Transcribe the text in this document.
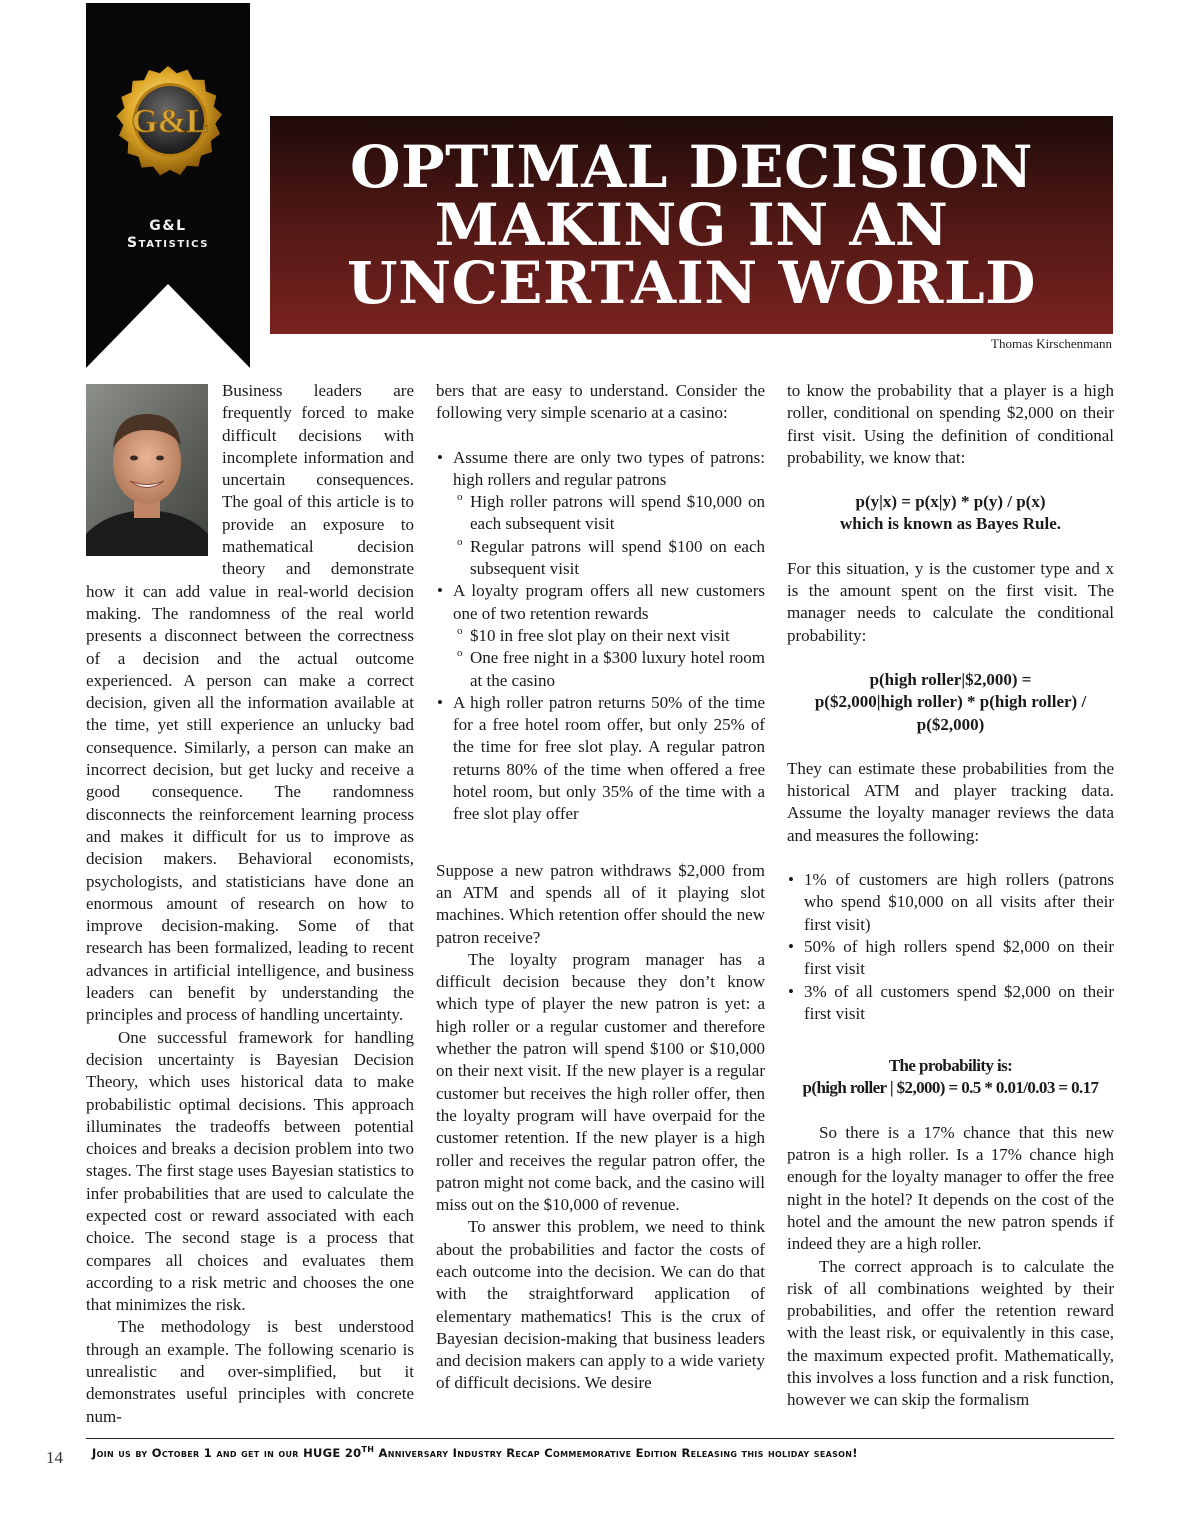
G&L
G&L
Statistics
OPTIMAL DECISION MAKING IN AN UNCERTAIN WORLD
Thomas Kirschenmann

Business leaders are frequently forced to make difficult decisions with incomplete information and uncertain consequences. The goal of this article is to provide an exposure to mathematical decision theory and demonstrate how it can add value in real-world decision making. The randomness of the real world presents a disconnect between the correctness of a decision and the actual outcome experienced. A person can make a correct decision, given all the information available at the time, yet still experience an unlucky bad consequence. Similarly, a person can make an incorrect decision, but get lucky and receive a good consequence. The randomness disconnects the reinforcement learning process and makes it difficult for us to improve as decision makers. Behavioral economists, psychologists, and statisticians have done an enormous amount of research on how to improve decision-making. Some of that research has been formalized, leading to recent advances in artificial intelligence, and business leaders can benefit by understanding the principles and process of handling uncertainty.

One successful framework for handling decision uncertainty is Bayesian Decision Theory, which uses historical data to make probabilistic optimal decisions. This approach illuminates the tradeoffs between potential choices and breaks a decision problem into two stages. The first stage uses Bayesian statistics to infer probabilities that are used to calculate the expected cost or reward associated with each choice. The second stage is a process that compares all choices and evaluates them according to a risk metric and chooses the one that minimizes the risk.

The methodology is best understood through an example. The following scenario is unrealistic and over-simplified, but it demonstrates useful principles with concrete num-

bers that are easy to understand. Consider the following very simple scenario at a casino:

• Assume there are only two types of patrons: high rollers and regular patrons
o High roller patrons will spend $10,000 on each subsequent visit
o Regular patrons will spend $100 on each subsequent visit
• A loyalty program offers all new customers one of two retention rewards
o $10 in free slot play on their next visit
o One free night in a $300 luxury hotel room at the casino
• A high roller patron returns 50% of the time for a free hotel room offer, but only 25% of the time for free slot play. A regular patron returns 80% of the time when offered a free hotel room, but only 35% of the time with a free slot play offer

Suppose a new patron withdraws $2,000 from an ATM and spends all of it playing slot machines. Which retention offer should the new patron receive?

The loyalty program manager has a difficult decision because they don’t know which type of player the new patron is yet: a high roller or a regular customer and therefore whether the patron will spend $100 or $10,000 on their next visit. If the new player is a regular customer but receives the high roller offer, then the loyalty program will have overpaid for the customer retention. If the new player is a high roller and receives the regular patron offer, the patron might not come back, and the casino will miss out on the $10,000 of revenue.

To answer this problem, we need to think about the probabilities and factor the costs of each outcome into the decision. We can do that with the straightforward application of elementary mathematics! This is the crux of Bayesian decision-making that business leaders and decision makers can apply to a wide variety of difficult decisions. We desire

to know the probability that a player is a high roller, conditional on spending $2,000 on their first visit. Using the definition of conditional probability, we know that:

p(y|x) = p(x|y) * p(y) / p(x)
which is known as Bayes Rule.

For this situation, y is the customer type and x is the amount spent on the first visit. The manager needs to calculate the conditional probability:

p(high roller|$2,000) =
p($2,000|high roller) * p(high roller) /
p($2,000)

They can estimate these probabilities from the historical ATM and player tracking data. Assume the loyalty manager reviews the data and measures the following:

• 1% of customers are high rollers (patrons who spend $10,000 on all visits after their first visit)
• 50% of high rollers spend $2,000 on their first visit
• 3% of all customers spend $2,000 on their first visit
The probability is:
p(high roller | $2,000) = 0.5 * 0.01/0.03 = 0.17

So there is a 17% chance that this new patron is a high roller. Is a 17% chance high enough for the loyalty manager to offer the free night in the hotel? It depends on the cost of the hotel and the amount the new patron spends if indeed they are a high roller.

The correct approach is to calculate the risk of all combinations weighted by their probabilities, and offer the retention reward with the least risk, or equivalently in this case, the maximum expected profit. Mathematically, this involves a loss function and a risk function, however we can skip the formalism

14	Join us by October 1 and get in our HUGE 20TH Anniversary Industry Recap Commemorative Edition Releasing this holiday season!
